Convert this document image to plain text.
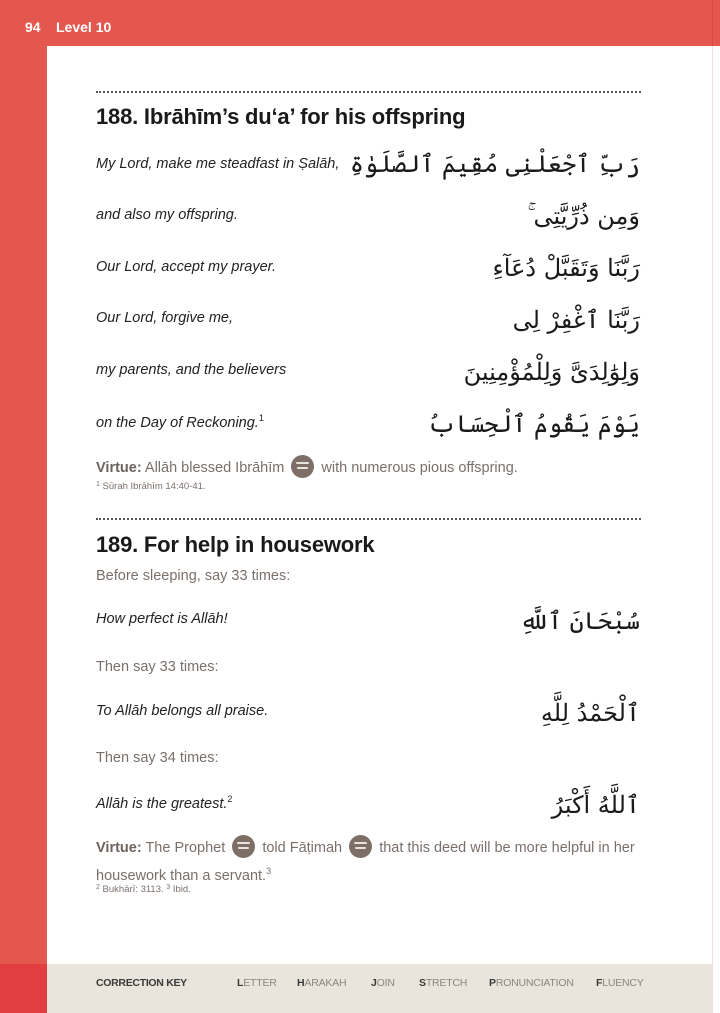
94 Level 10
188. Ibrāhīm’s du‘a’ for his offspring
My Lord, make me steadfast in Ṣalāh, رَبِّ ٱجْعَلْنِى مُقِيمَ ٱلصَّلَوٰةِ
and also my offspring.	وَمِن ذُرِّيَّتِى ۚ
Our Lord, accept my prayer.	رَبَّنَا وَتَقَبَّلْ دُعَآءِ
Our Lord, forgive me,	رَبَّنَا ٱغْفِرْ لِى
my parents, and the believers	وَلِوَٰلِدَىَّ وَلِلْمُؤْمِنِينَ
on the Day of Reckoning.$^1$	يَوْمَ يَقُومُ ٱلْحِسَابُ
Virtue: Allāh blessed Ibrāhīm	with numerous pious offspring.
$^1$ Sūrah Ibrāhīm 14:40-41.
189. For help in housework
Before sleeping, say 33 times:
How perfect is Allāh!	سُبْحَانَ ٱللَّهِ
Then say 33 times:
To Allāh belongs all praise.	ٱلْحَمْدُ لِلَّهِ
Then say 34 times:
Allāh is the greatest.$^2$	ٱللَّهُ أَكْبَرُ
Virtue: The Prophet	told Fāṭimah	that this deed will be more helpful in her housework than a servant.$^3$
$^2$ Bukhārī: 3113. $^3$ Ibid.
CORRECTION KEY	LETTER HARAKAH JOIN STRETCH PRONUNCIATION FLUENCY
